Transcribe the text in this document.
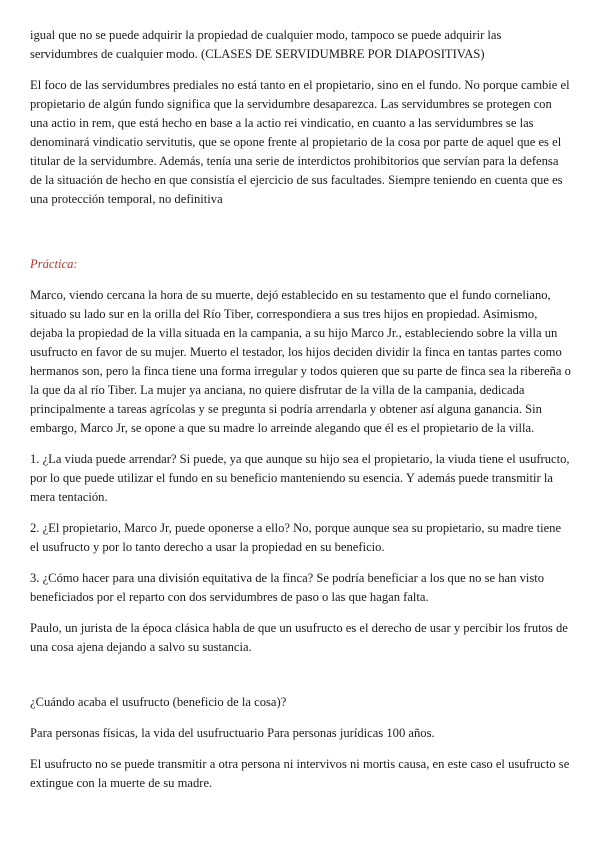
igual que no se puede adquirir la propiedad de cualquier modo, tampoco se puede adquirir las servidumbres de cualquier modo. (CLASES DE SERVIDUMBRE POR DIAPOSITIVAS)

El foco de las servidumbres prediales no está tanto en el propietario, sino en el fundo. No porque cambie el propietario de algún fundo significa que la servidumbre desaparezca. Las servidumbres se protegen con una actio in rem, que está hecho en base a la actio rei vindicatio, en cuanto a las servidumbres se las denominará vindicatio servitutis, que se opone frente al propietario de la cosa por parte de aquel que es el titular de la servidumbre. Además, tenía una serie de interdictos prohibitorios que servían para la defensa de la situación de hecho en que consistía el ejercicio de sus facultades. Siempre teniendo en cuenta que es una protección temporal, no definitiva

Práctica:

Marco, viendo cercana la hora de su muerte, dejó establecido en su testamento que el fundo corneliano, situado su lado sur en la orilla del Río Tiber, correspondiera a sus tres hijos en propiedad. Asimismo, dejaba la propiedad de la villa situada en la campania, a su hijo Marco Jr., estableciendo sobre la villa un usufructo en favor de su mujer. Muerto el testador, los hijos deciden dividir la finca en tantas partes como hermanos son, pero la finca tiene una forma irregular y todos quieren que su parte de finca sea la ribereña o la que da al río Tiber. La mujer ya anciana, no quiere disfrutar de la villa de la campania, dedicada principalmente a tareas agrícolas y se pregunta si podría arrendarla y obtener así alguna ganancia. Sin embargo, Marco Jr, se opone a que su madre lo arreinde alegando que él es el propietario de la villa.

1. ¿La viuda puede arrendar? Si puede, ya que aunque su hijo sea el propietario, la viuda tiene el usufructo, por lo que puede utilizar el fundo en su beneficio manteniendo su esencia. Y además puede transmitir la mera tentación.

2. ¿El propietario, Marco Jr, puede oponerse a ello? No, porque aunque sea su propietario, su madre tiene el usufructo y por lo tanto derecho a usar la propiedad en su beneficio.

3. ¿Cómo hacer para una división equitativa de la finca? Se podría beneficiar a los que no se han visto beneficiados por el reparto con dos servidumbres de paso o las que hagan falta.

Paulo, un jurista de la época clásica habla de que un usufructo es el derecho de usar y percibir los frutos de una cosa ajena dejando a salvo su sustancia.

¿Cuándo acaba el usufructo (beneficio de la cosa)?

Para personas físicas, la vida del usufructuario Para personas jurídicas 100 años.

El usufructo no se puede transmitir a otra persona ni intervivos ni mortis causa, en este caso el usufructo se extingue con la muerte de su madre.
